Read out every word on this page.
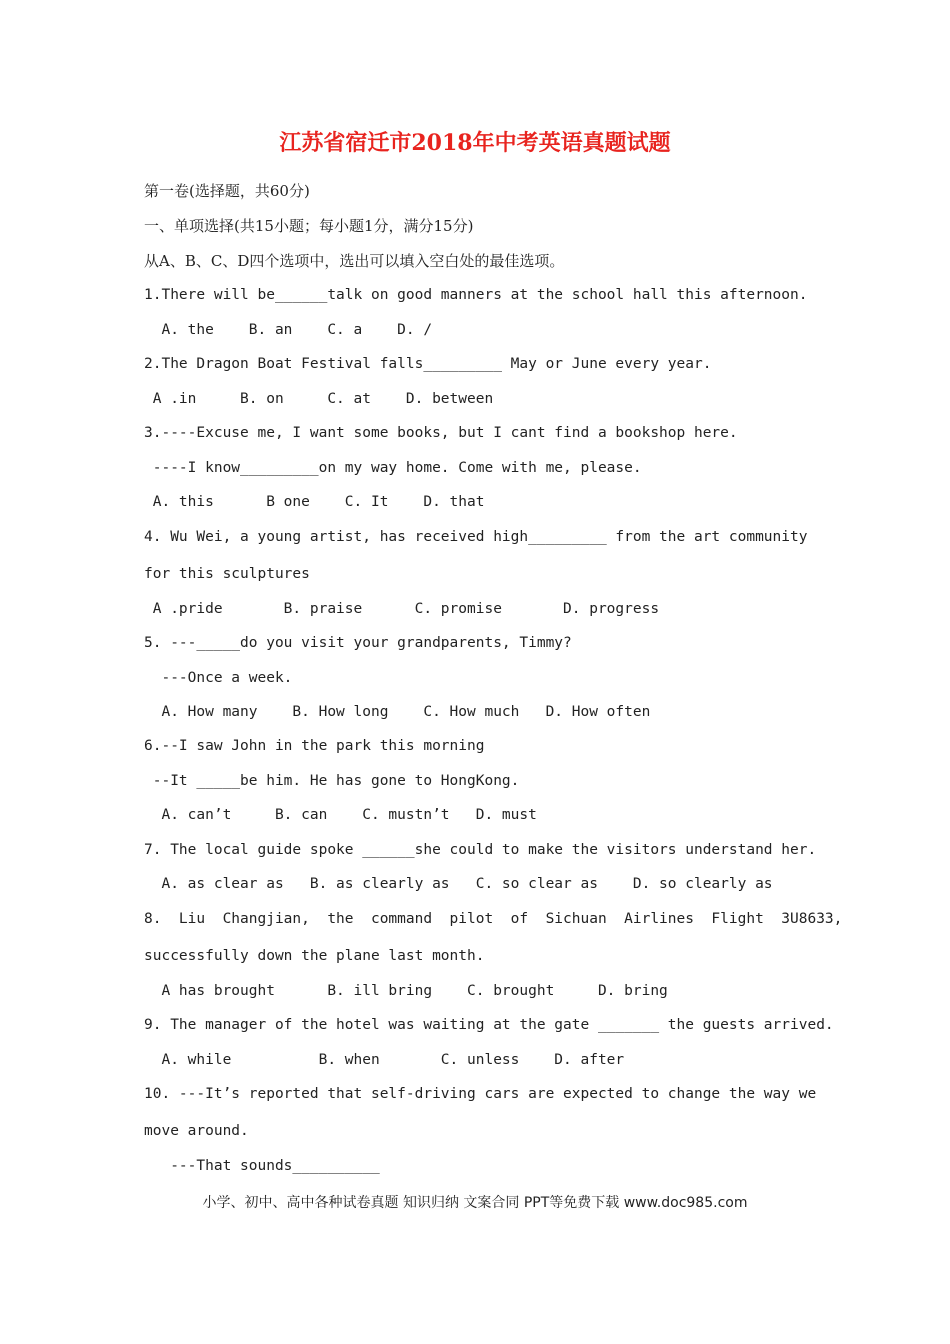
江苏省宿迁市2018年中考英语真题试题
第一卷(选择题，共60分)
一、单项选择(共15小题；每小题1分，满分15分)
从A、B、C、D四个选项中，选出可以填入空白处的最佳选项。
1.There will be______talk on good manners at the school hall this afternoon.
A. the    B. an    C. a    D. /
2.The Dragon Boat Festival falls_________ May or June every year.
A .in     B. on     C. at    D. between
3.----Excuse me, I want some books, but I cant find a bookshop here.
----I know_________on my way home. Come with me, please.
A. this      B one    C. It    D. that
4. Wu Wei, a young artist, has received high_________ from the art community
for this sculptures
A .pride       B. praise      C. promise       D. progress
5. ---_____do you visit your grandparents, Timmy?
---Once a week.
A. How many    B. How long    C. How much   D. How often
6.--I saw John in the park this morning
--It _____be him. He has gone to HongKong.
A. can’t     B. can    C. mustn’t   D. must
7. The local guide spoke ______she could to make the visitors understand her.
A. as clear as   B. as clearly as   C. so clear as    D. so clearly as
8.  Liu  Changjian,  the  command  pilot  of  Sichuan  Airlines  Flight  3U8633,
successfully down the plane last month.
A has brought      B. ill bring    C. brought     D. bring
9. The manager of the hotel was waiting at the gate _______ the guests arrived.
A. while          B. when       C. unless    D. after
10. ---It’s reported that self-driving cars are expected to change the way we
move around.
---That sounds__________
小学、初中、高中各种试卷真题 知识归纳 文案合同 PPT等免费下载 www.doc985.com
